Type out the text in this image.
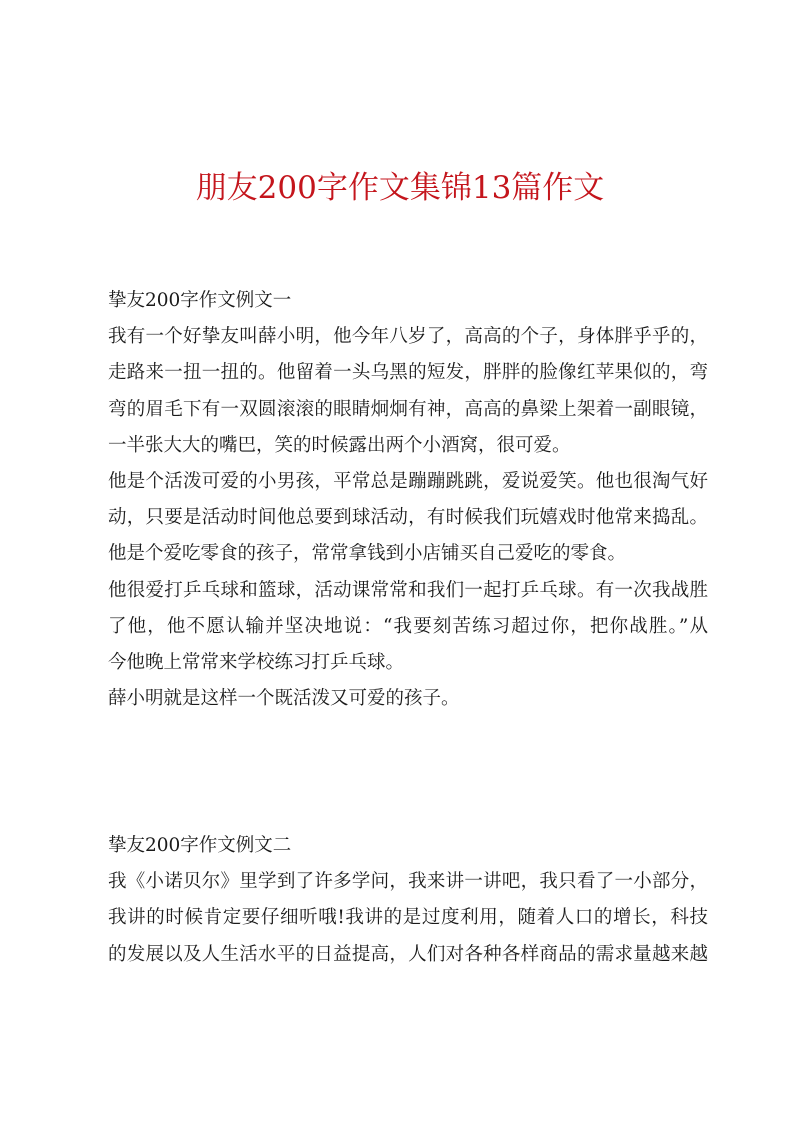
朋友200字作文集锦13篇作文
挚友200字作文例文一
我有一个好挚友叫薛小明，他今年八岁了，高高的个子，身体胖乎乎的，
走路来一扭一扭的。他留着一头乌黑的短发，胖胖的脸像红苹果似的，弯
弯的眉毛下有一双圆滚滚的眼睛炯炯有神，高高的鼻梁上架着一副眼镜，
一半张大大的嘴巴，笑的时候露出两个小酒窝，很可爱。
他是个活泼可爱的小男孩，平常总是蹦蹦跳跳，爱说爱笑。他也很淘气好
动，只要是活动时间他总要到球活动，有时候我们玩嬉戏时他常来捣乱。
他是个爱吃零食的孩子，常常拿钱到小店铺买自己爱吃的零食。
他很爱打乒乓球和篮球，活动课常常和我们一起打乒乓球。有一次我战胜
了他，他不愿认输并坚决地说：“我要刻苦练习超过你，把你战胜。”从
今他晚上常常来学校练习打乒乓球。
薛小明就是这样一个既活泼又可爱的孩子。
挚友200字作文例文二
我《小诺贝尔》里学到了许多学问，我来讲一讲吧，我只看了一小部分，
我讲的时候肯定要仔细听哦!我讲的是过度利用，随着人口的增长，科技
的发展以及人生活水平的日益提高，人们对各种各样商品的需求量越来越
